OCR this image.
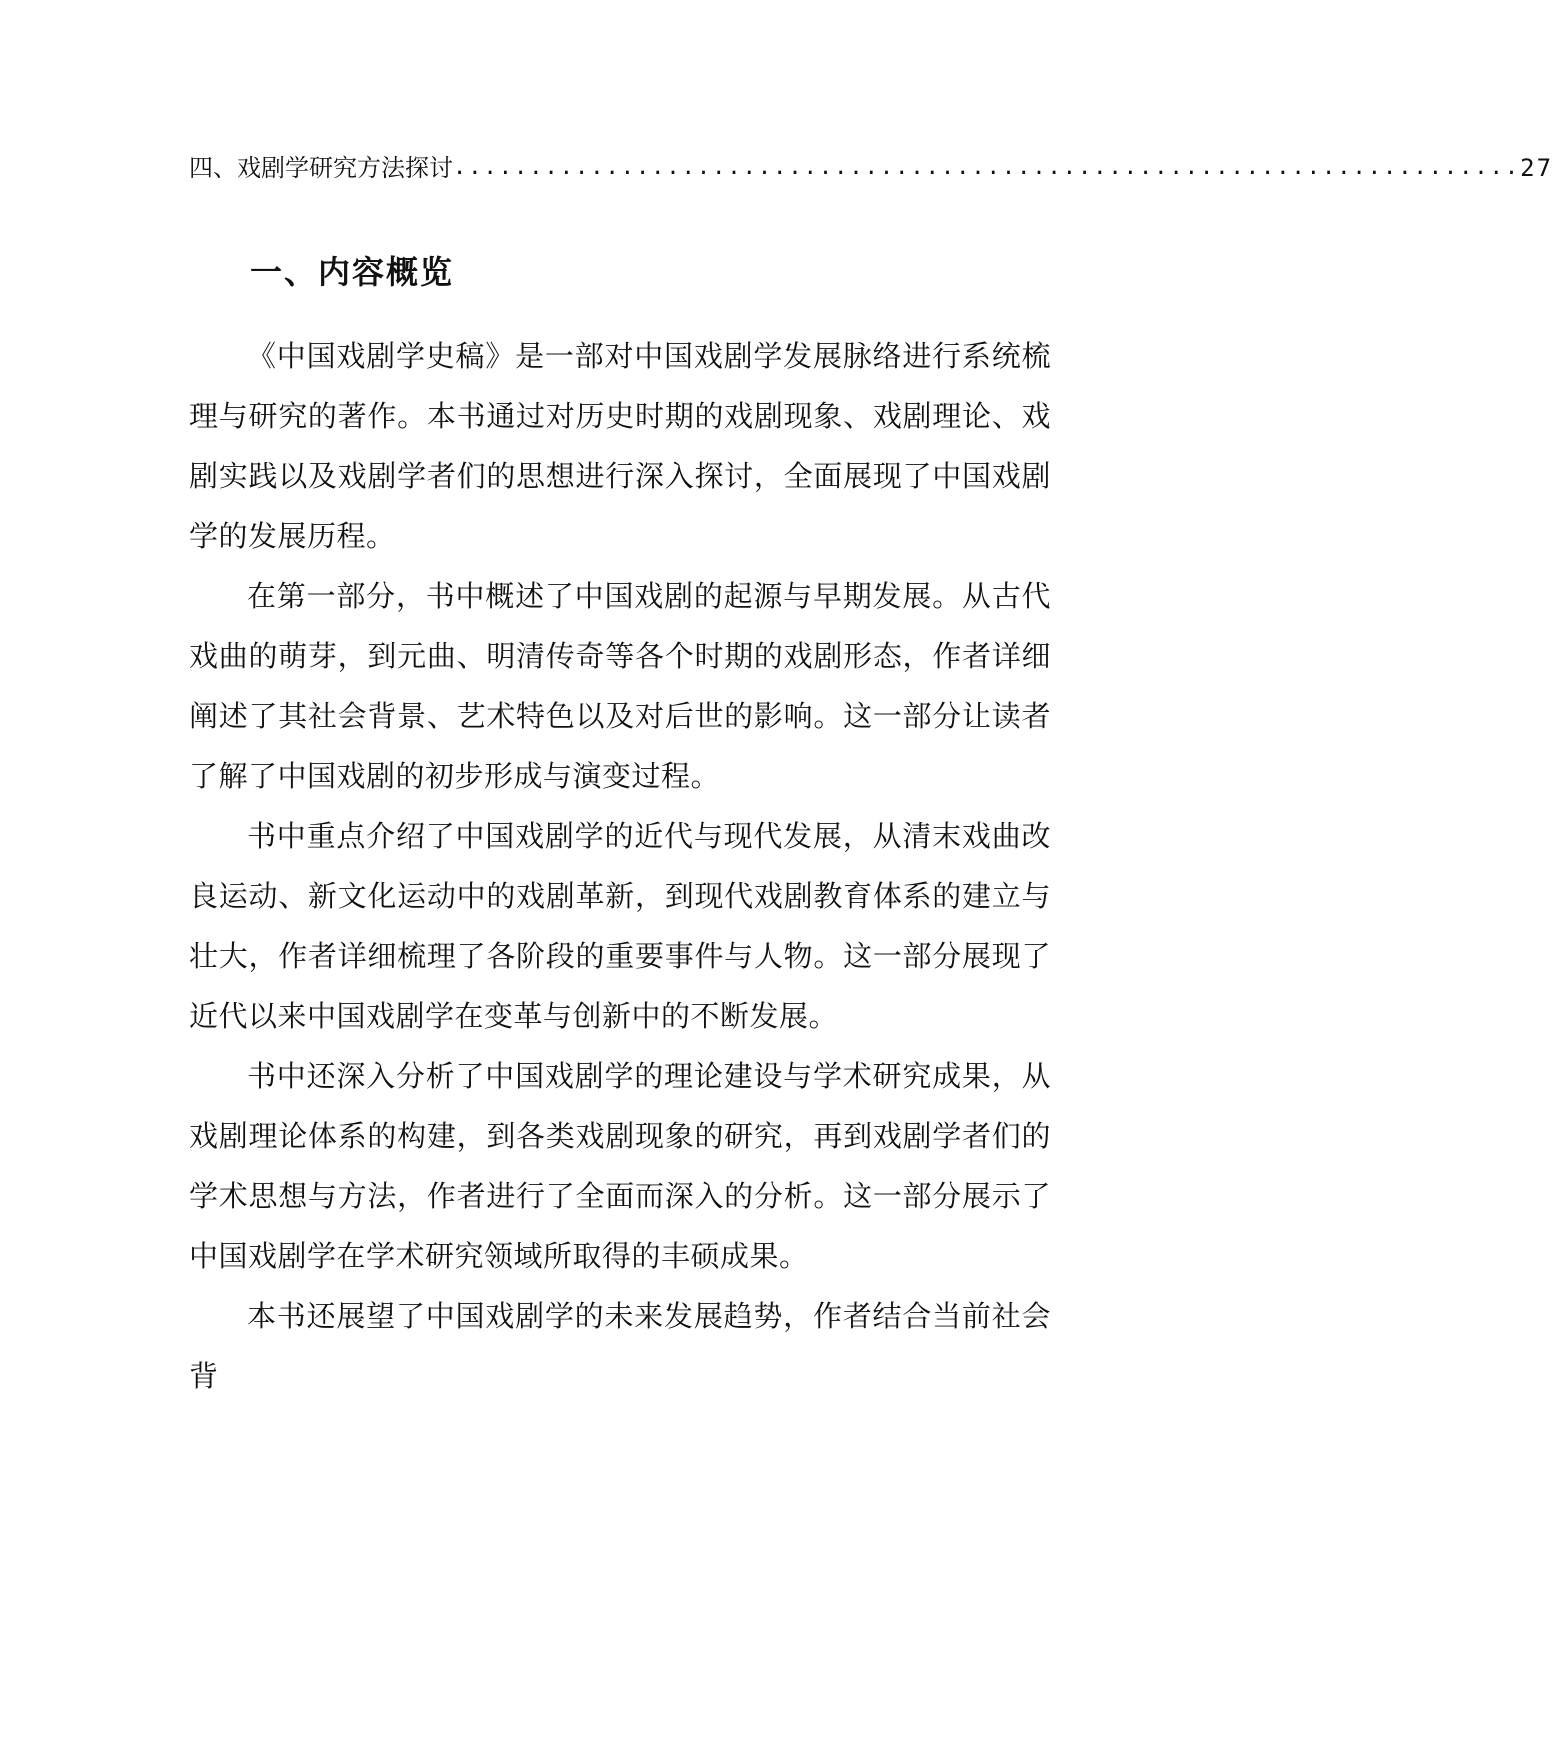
四、戏剧学研究方法探讨 ...................................................................... 27
一、内容概览

《中国戏剧学史稿》是一部对中国戏剧学发展脉络进行系统梳理与研究的著作。本书通过对历史时期的戏剧现象、戏剧理论、戏剧实践以及戏剧学者们的思想进行深入探讨，全面展现了中国戏剧学的发展历程。

在第一部分，书中概述了中国戏剧的起源与早期发展。从古代戏曲的萌芽，到元曲、明清传奇等各个时期的戏剧形态，作者详细阐述了其社会背景、艺术特色以及对后世的影响。这一部分让读者了解了中国戏剧的初步形成与演变过程。

书中重点介绍了中国戏剧学的近代与现代发展，从清末戏曲改良运动、新文化运动中的戏剧革新，到现代戏剧教育体系的建立与壮大，作者详细梳理了各阶段的重要事件与人物。这一部分展现了近代以来中国戏剧学在变革与创新中的不断发展。

书中还深入分析了中国戏剧学的理论建设与学术研究成果，从戏剧理论体系的构建，到各类戏剧现象的研究，再到戏剧学者们的学术思想与方法，作者进行了全面而深入的分析。这一部分展示了中国戏剧学在学术研究领域所取得的丰硕成果。

本书还展望了中国戏剧学的未来发展趋势，作者结合当前社会背
